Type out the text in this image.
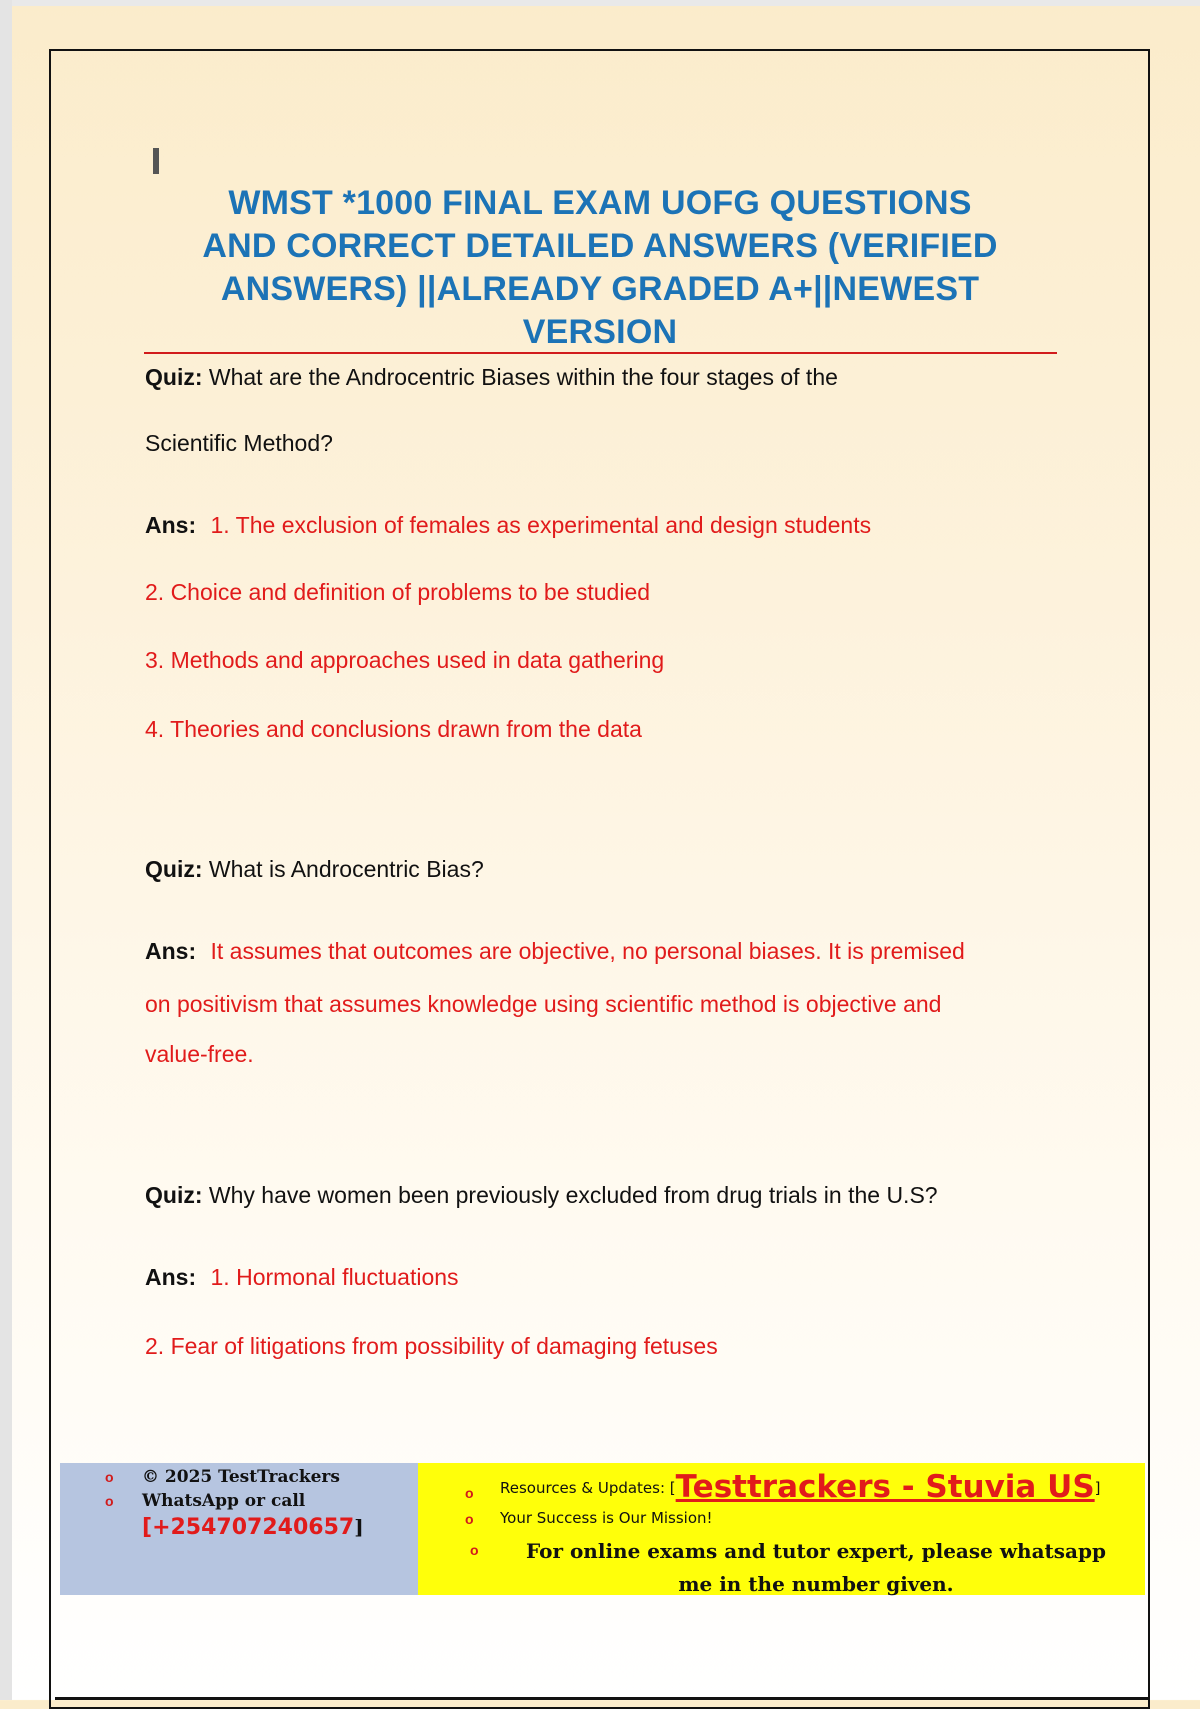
WMST *1000 FINAL EXAM UOFG QUESTIONS
AND CORRECT DETAILED ANSWERS (VERIFIED
ANSWERS) ||ALREADY GRADED A+||NEWEST
VERSION
Quiz: What are the Androcentric Biases within the four stages of the
Scientific Method?
Ans: 1. The exclusion of females as experimental and design students
2. Choice and definition of problems to be studied
3. Methods and approaches used in data gathering
4. Theories and conclusions drawn from the data
Quiz: What is Androcentric Bias?
Ans: It assumes that outcomes are objective, no personal biases. It is premised
on positivism that assumes knowledge using scientific method is objective and
value-free.
Quiz: Why have women been previously excluded from drug trials in the U.S?
Ans: 1. Hormonal fluctuations
2. Fear of litigations from possibility of damaging fetuses
o © 2025 TestTrackers
o WhatsApp or call
[+254707240657]
o Resources & Updates: [Testtrackers - Stuvia US]
o Your Success is Our Mission!
o	For online exams and tutor expert, please whatsapp
me in the number given.
